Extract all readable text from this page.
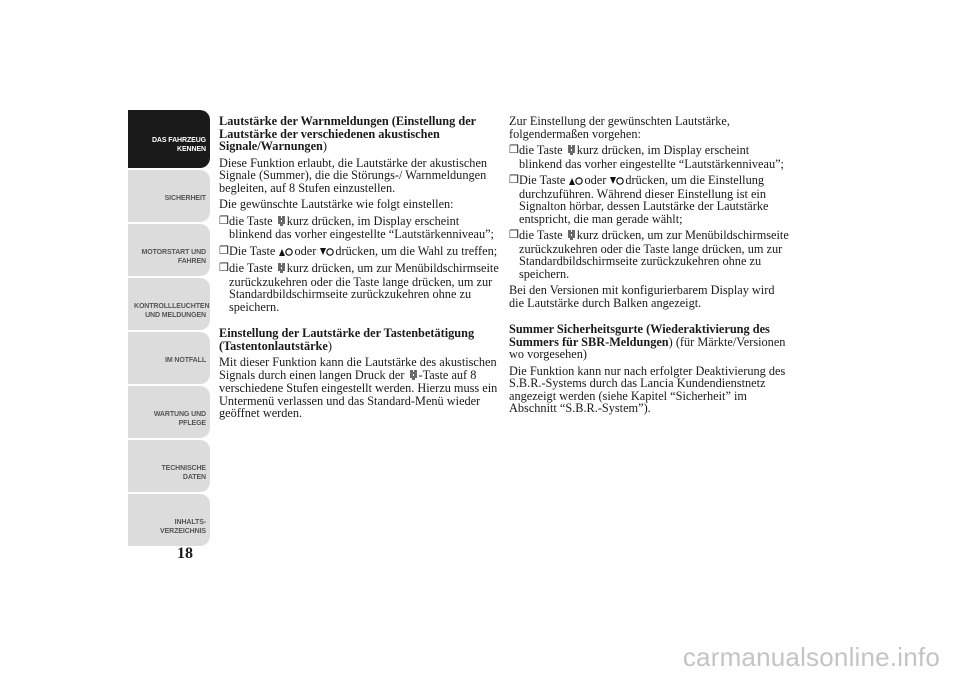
DAS FAHRZEUG
KENNEN
SICHERHEIT
MOTORSTART UND
FAHREN
KONTROLLLEUCHTEN
UND MELDUNGEN
IM NOTFALL
WARTUNG UND
PFLEGE
TECHNISCHE
DATEN
INHALTS-
VERZEICHNIS
18
Lautstärke der Warnmeldungen (Einstellung der Lautstärke der verschiedenen akustischen Signale/Warnungen)
Diese Funktion erlaubt, die Lautstärke der akustischen Signale (Summer), die die Störungs-/ Warnmeldungen begleiten, auf 8 Stufen einzustellen.
Die gewünschte Lautstärke wie folgt einstellen:
❒ die Taste kurz drücken, im Display erscheint blinkend das vorher eingestellte “Lautstärkenniveau”;
❒ Die Taste oder drücken, um die Wahl zu treffen;
❒ die Taste kurz drücken, um zur Menübildschirmseite zurückzukehren oder die Taste lange drücken, um zur Standardbildschirmseite zurückzukehren ohne zu speichern.
Einstellung der Lautstärke der Tastenbetätigung (Tastentonlautstärke)
Mit dieser Funktion kann die Lautstärke des akustischen Signals durch einen langen Druck der -Taste auf 8 verschiedene Stufen eingestellt werden. Hierzu muss ein Untermenü verlassen und das Standard-Menü wieder geöffnet werden.
Zur Einstellung der gewünschten Lautstärke, folgendermaßen vorgehen:
❒ die Taste kurz drücken, im Display erscheint blinkend das vorher eingestellte “Lautstärkenniveau”;
❒ Die Taste oder drücken, um die Einstellung durchzuführen. Während dieser Einstellung ist ein Signalton hörbar, dessen Lautstärke der Lautstärke entspricht, die man gerade wählt;
❒ die Taste kurz drücken, um zur Menübildschirmseite zurückzukehren oder die Taste lange drücken, um zur Standardbildschirmseite zurückzukehren ohne zu speichern.
Bei den Versionen mit konfigurierbarem Display wird die Lautstärke durch Balken angezeigt.
Summer Sicherheitsgurte (Wiederaktivierung des Summers für SBR-Meldungen) (für Märkte/Versionen wo vorgesehen)
Die Funktion kann nur nach erfolgter Deaktivierung des S.B.R.-Systems durch das Lancia Kundendienstnetz angezeigt werden (siehe Kapitel “Sicherheit” im Abschnitt “S.B.R.-System”).
carmanualsonline.info
